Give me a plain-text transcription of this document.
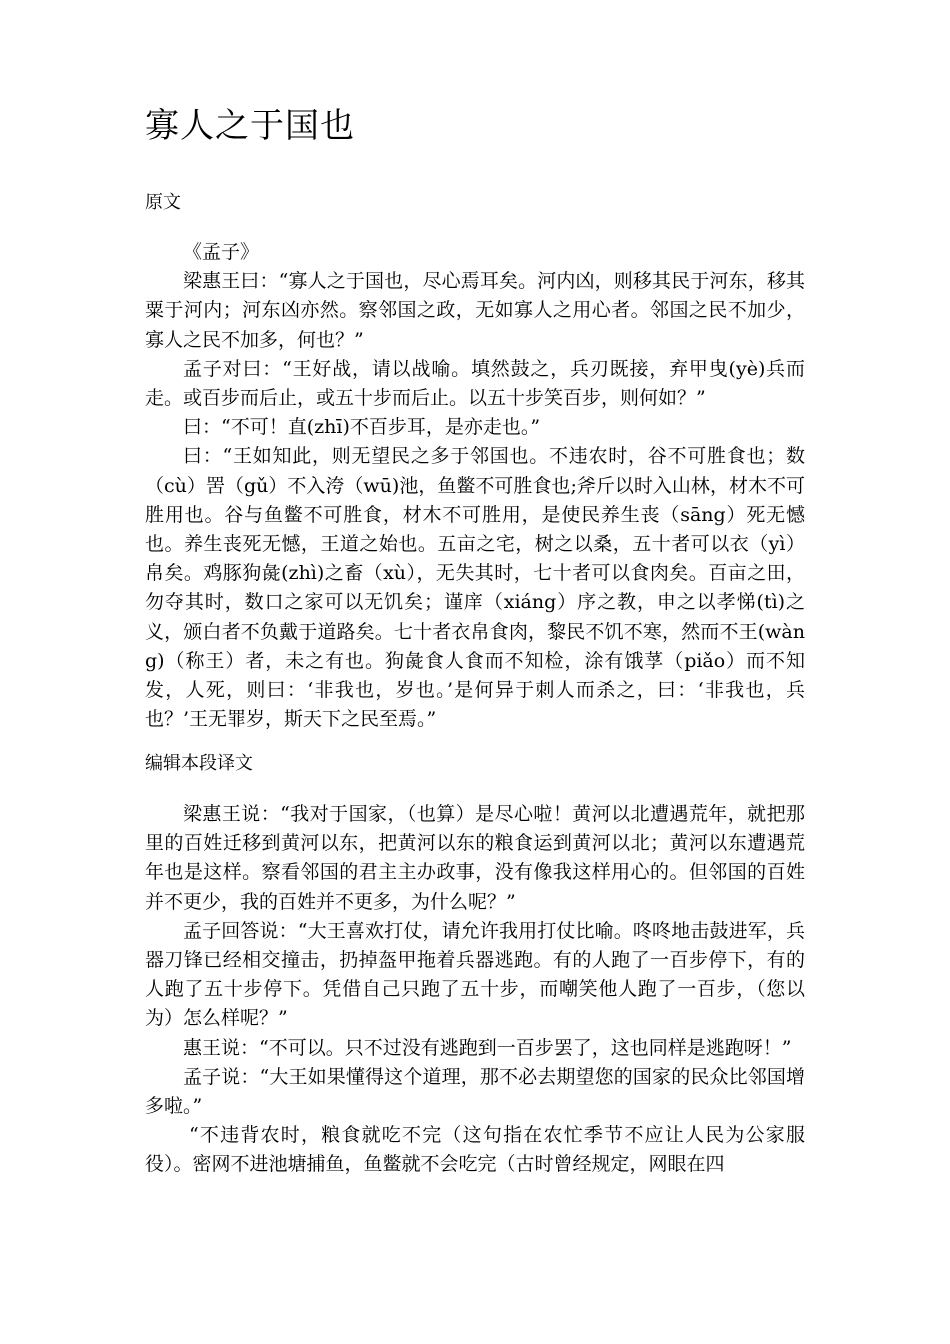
寡人之于国也
原文

《孟子》

梁惠王曰：“寡人之于国也，尽心焉耳矣。河内凶，则移其民于河东，移其粟于河内；河东凶亦然。察邻国之政，无如寡人之用心者。邻国之民不加少，寡人之民不加多，何也？”

孟子对曰：“王好战，请以战喻。填然鼓之，兵刃既接，弃甲曳(yè)兵而走。或百步而后止，或五十步而后止。以五十步笑百步，则何如？”

曰：“不可！直(zhī)不百步耳，是亦走也。”

曰：“王如知此，则无望民之多于邻国也。不违农时，谷不可胜食也；数（cù）罟（gǔ）不入洿（wū)池，鱼鳖不可胜食也;斧斤以时入山林，材木不可胜用也。谷与鱼鳖不可胜食，材木不可胜用，是使民养生丧（sāng）死无憾也。养生丧死无憾，王道之始也。五亩之宅，树之以桑，五十者可以衣（yì）帛矣。鸡豚狗彘(zhì)之畜（xù），无失其时，七十者可以食肉矣。百亩之田，勿夺其时，数口之家可以无饥矣；谨庠（xiáng）序之教，申之以孝悌(tì)之义，颁白者不负戴于道路矣。七十者衣帛食肉，黎民不饥不寒，然而不王(wàng)（称王）者，未之有也。狗彘食人食而不知检，涂有饿莩（piǎo）而不知发，人死，则曰：‘非我也，岁也。’是何异于刺人而杀之，曰：‘非我也，兵也？’王无罪岁，斯天下之民至焉。”

编辑本段译文

梁惠王说：“我对于国家，（也算）是尽心啦！黄河以北遭遇荒年，就把那里的百姓迁移到黄河以东，把黄河以东的粮食运到黄河以北；黄河以东遭遇荒年也是这样。察看邻国的君主主办政事，没有像我这样用心的。但邻国的百姓并不更少，我的百姓并不更多，为什么呢？”

孟子回答说：“大王喜欢打仗，请允许我用打仗比喻。咚咚地击鼓进军，兵器刀锋已经相交撞击，扔掉盔甲拖着兵器逃跑。有的人跑了一百步停下，有的人跑了五十步停下。凭借自己只跑了五十步，而嘲笑他人跑了一百步，（您以为）怎么样呢？”

惠王说：“不可以。只不过没有逃跑到一百步罢了，这也同样是逃跑呀！”

孟子说：“大王如果懂得这个道理，那不必去期望您的国家的民众比邻国增多啦。”

“不违背农时，粮食就吃不完（这句指在农忙季节不应让人民为公家服役）。密网不进池塘捕鱼，鱼鳖就不会吃完（古时曾经规定，网眼在四
